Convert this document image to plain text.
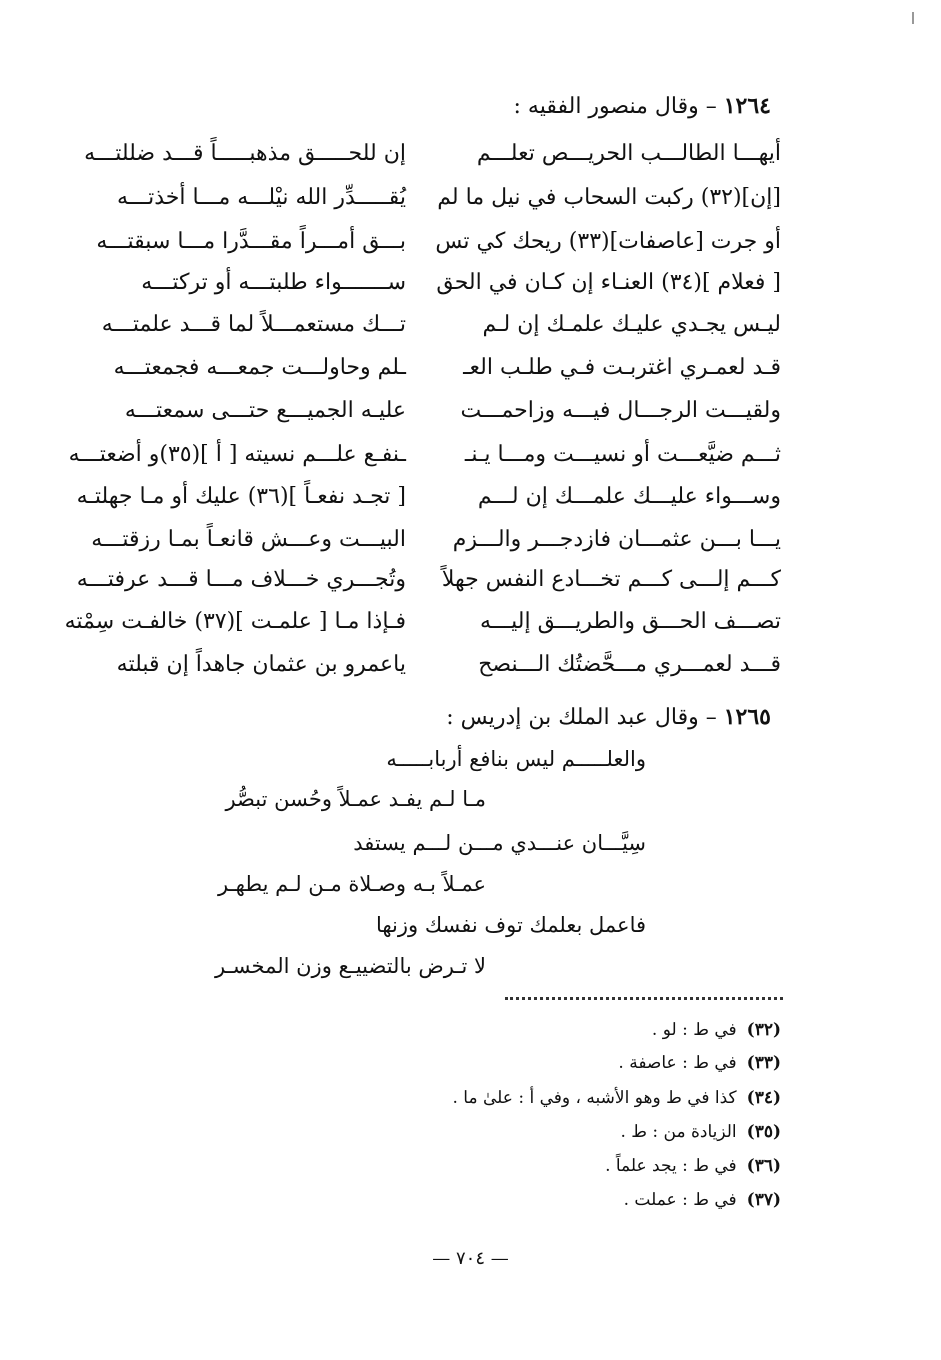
١٢٦٤ – وقال منصور الفقيه :
أيهـــا الطالـــب الحريـــص تعلـــم
[إن](٣٢) ركبت السحاب في نيل ما لم
أو جرت [عاصفات](٣٣) ريحك كي تس
[ فعلام ](٣٤) العنـاء إن كـان في الحق
ليـس يجـدي عليـك علمـك إن لـم
قـد لعمـري اغتربـت فـي طلـب العـ
ولقيـــت الرجـــال فيـــه وزاحمـــت
ثـــم ضيَّعـــت أو نسيـــت ومـــا يـنـ
وســـواء عليـــك علمـــك إن لـــم
يـــا بـــن عثمـــان فازدجـــر والـــزم
كـــم إلـــى كـــم تخـــادع النفس جهلاً
تصـــف الحـــق والطريـــق إليـــه
قـــد لعمـــري مـــحَّضتُك الـــنصح
إن للحـــــق مذهبـــــاً قـــد ضللتـــه
يُقـــــدِّر الله نيْلـــه مـــا أخذتـــه
بـــق أمـــراً مقـــدَّرا مـــا سبقتـــه
ســـــــواء طلبتـــه أو تركتـــه
تـــك مستعمـــلاً لما قـــد علمتـــه
ـلم وحاولـــت جمعـــه فجمعتـــه
عليـه الجميـــع حتـــى سمعتـــه
ـنفـع علـــم نسيته [ أ ](٣٥)و أضعتـــه
[ تجـد نفعـاً ](٣٦) عليك أو مـا جهلتـه
البيـــت وعـــش قانعـاً بمـا رزقتـــه
وتُجـــري خـــلاف مـــا قـــد عرفتـــه
فـإذا مـا [ علمـت ](٣٧) خالفـت سِمْته
ياعمرو بن عثمان جاهداً إن قبلته
١٢٦٥ – وقال عبد الملك بن إدريس :
والعلـــــم ليس بنافع أربابـــــه
مـا لـم يفـد عمـلاً وحُسن تبصُّر
سِيَّـــان عنـــدي مـــن لـــم يستفد
عمـلاً بـه وصـلاة مـن لـم يطهـر
فاعمل بعلمك توف نفسك وزنها
لا تـرض بالتضييـع وزن المخسـر
(٣٢)في ط : لو .
(٣٣)في ط : عاصفة .
(٣٤)كذا في ط وهو الأشبه ، وفي أ : علىٰ ما .
(٣٥)الزيادة من : ط .
(٣٦)في ط : يجد علماً .
(٣٧)في ط : عملت .
— ٧٠٤ —
